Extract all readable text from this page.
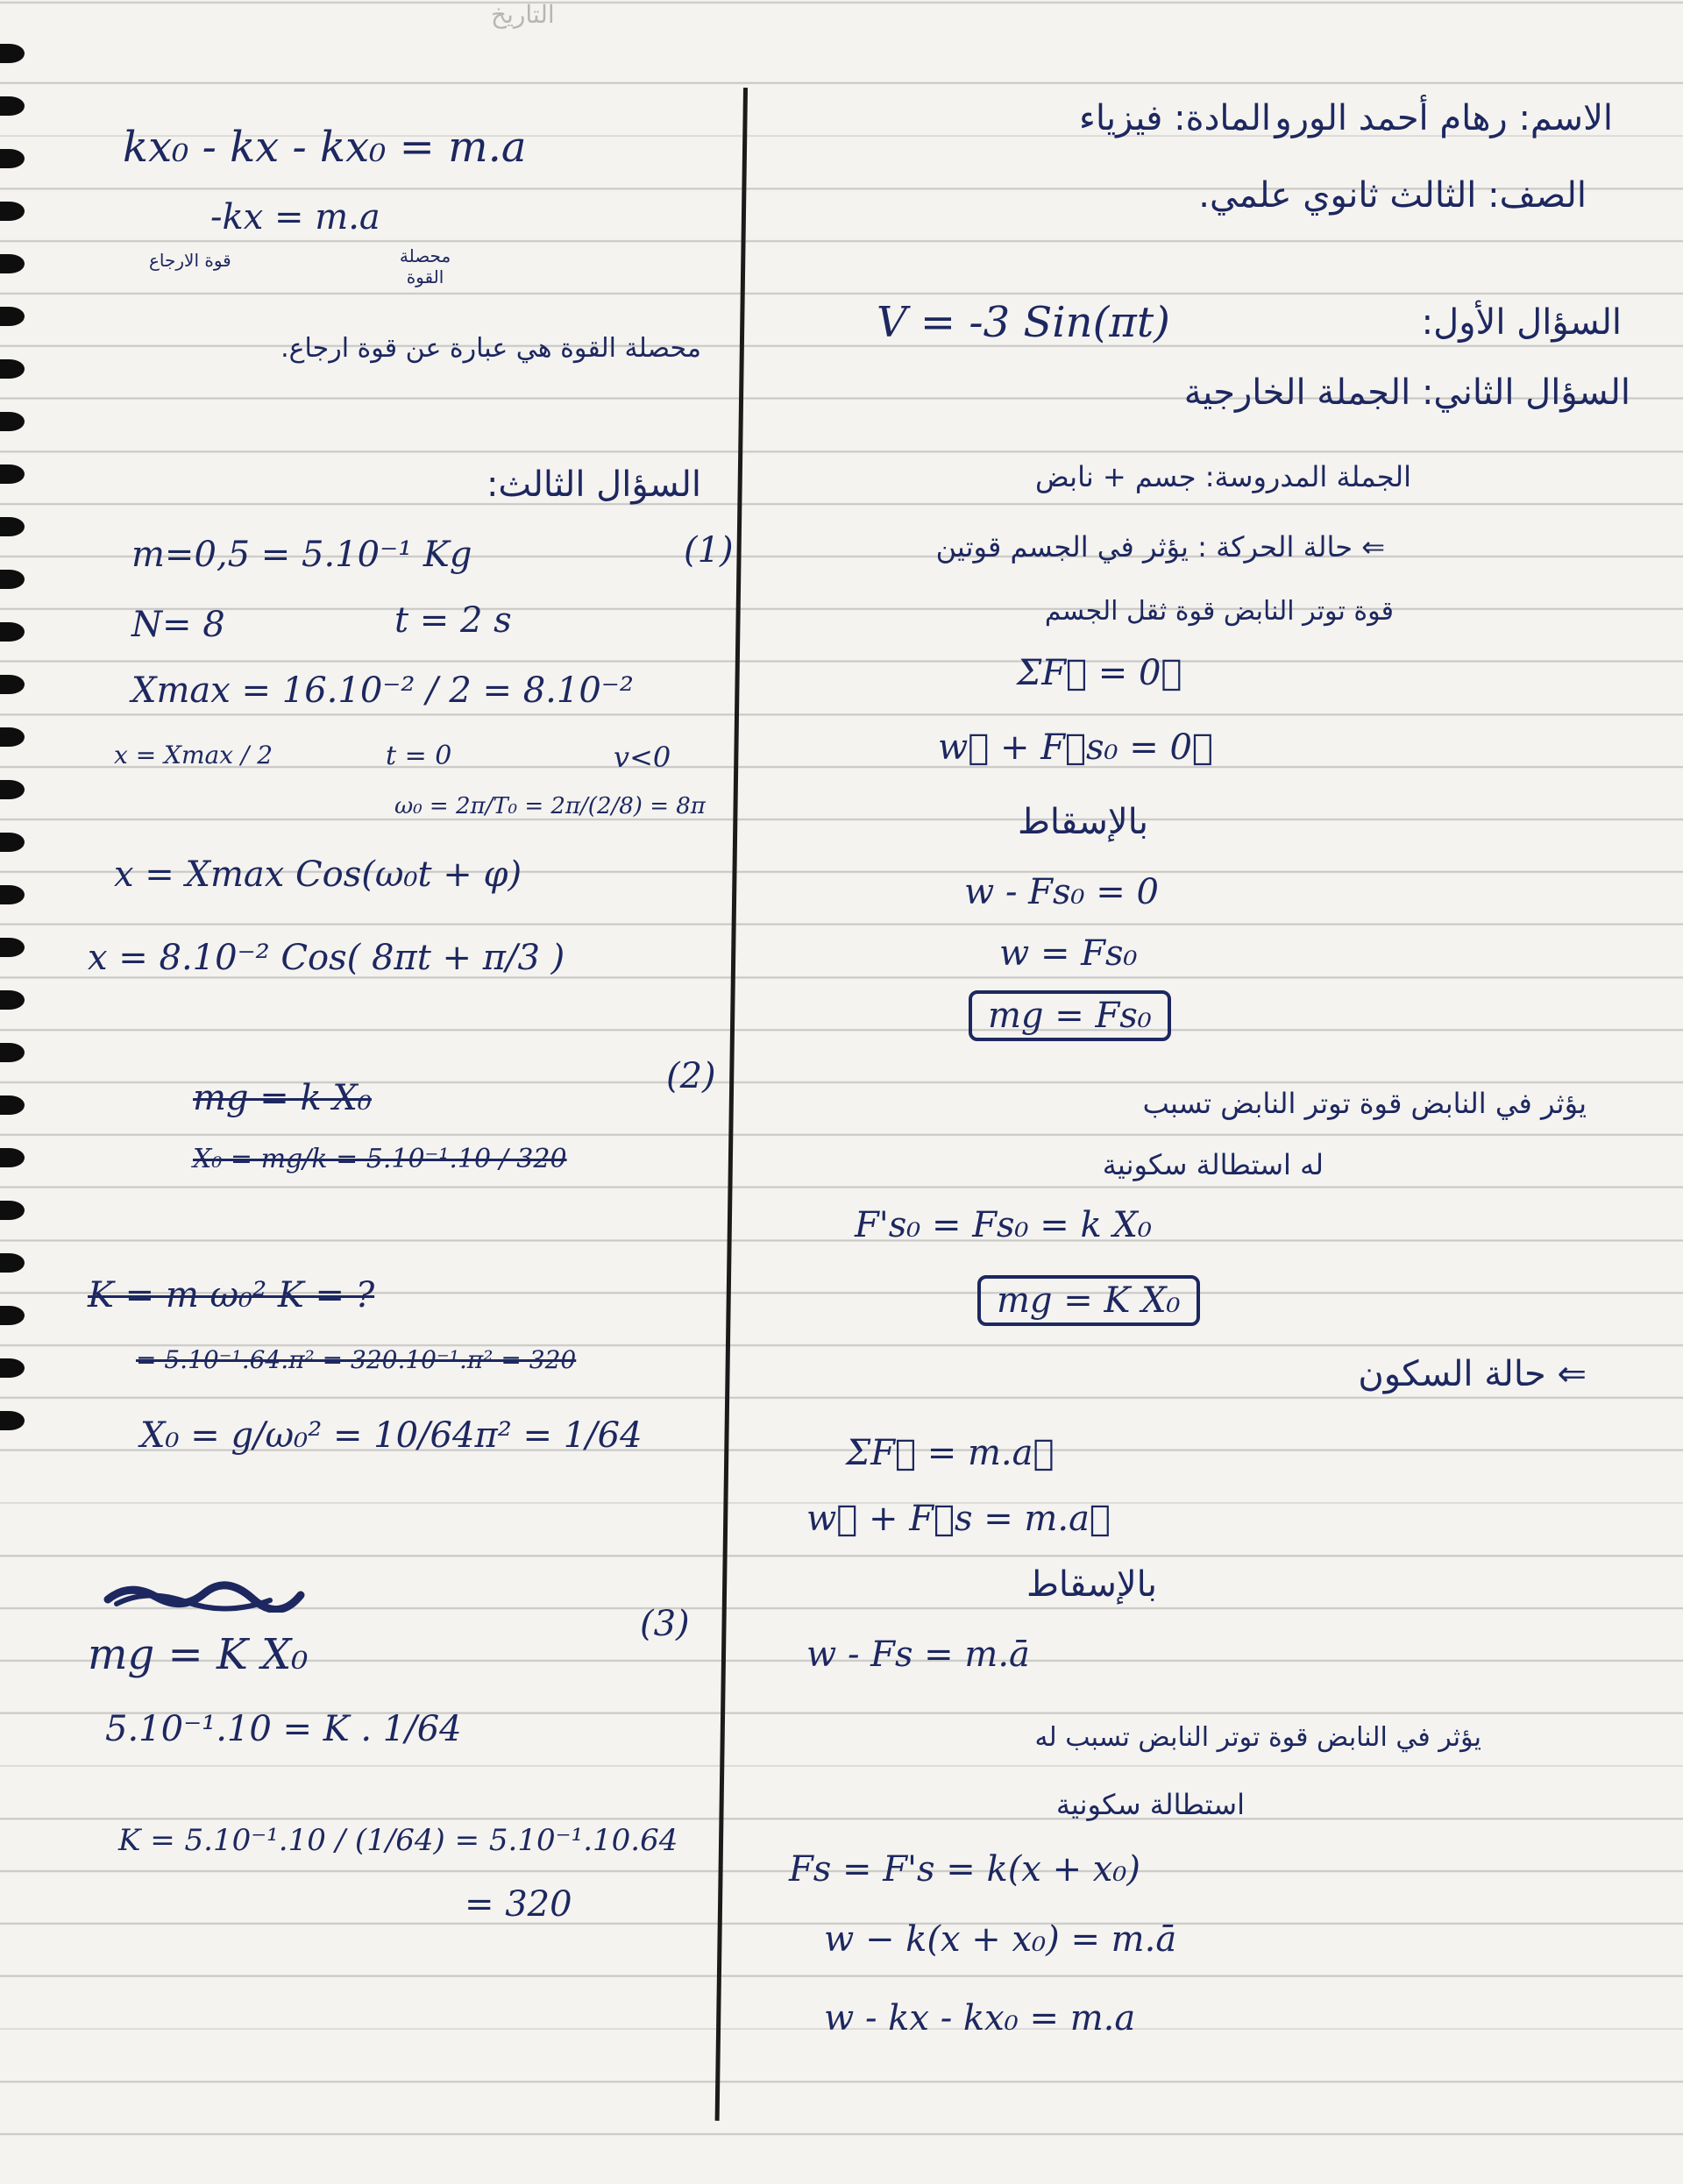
التاريخ
الاسم: رهام أحمد الورو
المادة: فيزياء
الصف: الثالث ثانوي علمي.
السؤال الأول:
V = -3 Sin(πt)
السؤال الثاني: الجملة الخارجية
الجملة المدروسة: جسم + نابض
⇐ حالة الحركة : يؤثر في الجسم قوتين
قوة توتر النابض قوة ثقل الجسم
ΣF⃗ = 0⃗
w⃗ + F⃗s₀ = 0⃗
بالإسقاط
w - Fs₀ = 0
w = Fs₀
mg = Fs₀
يؤثر في النابض قوة توتر النابض تسبب
له استطالة سكونية
F's₀ = Fs₀ = k X₀
mg = K X₀
⇐ حالة السكون
ΣF⃗ = m.a⃗
w⃗ + F⃗s = m.a⃗
بالإسقاط
w - Fs = m.ā
يؤثر في النابض قوة توتر النابض تسبب له
استطالة سكونية
Fs = F's = k(x + x₀)
w − k(x + x₀) = m.ā
w - kx - kx₀ = m.a
kx₀ - kx - kx₀ = m.a
-kx = m.a
قوة الارجاع	محصلة القوة
محصلة القوة هي عبارة عن قوة ارجاع.
السؤال الثالث:
(1)
m=0,5 = 5.10⁻¹ Kg
N= 8	t = 2 s
Xmax = 16.10⁻² / 2 = 8.10⁻²
x = Xmax / 2	t = 0	v<0
ω₀ = 2π/T₀ = 2π/(2/8) = 8π
x = Xmax Cos(ω₀t + φ)
x = 8.10⁻² Cos( 8πt + π/3 )
(2)
mg = k X₀
X₀ = mg/k = 5.10⁻¹.10 / 320
K = m ω₀² K = ?
= 5.10⁻¹.64.π² = 320.10⁻¹.π² = 320
X₀ = g/ω₀² = 10/64π² = 1/64
(3)
mg = K X₀
5.10⁻¹.10 = K . 1/64
K = 5.10⁻¹.10 / (1/64) = 5.10⁻¹.10.64
= 320
